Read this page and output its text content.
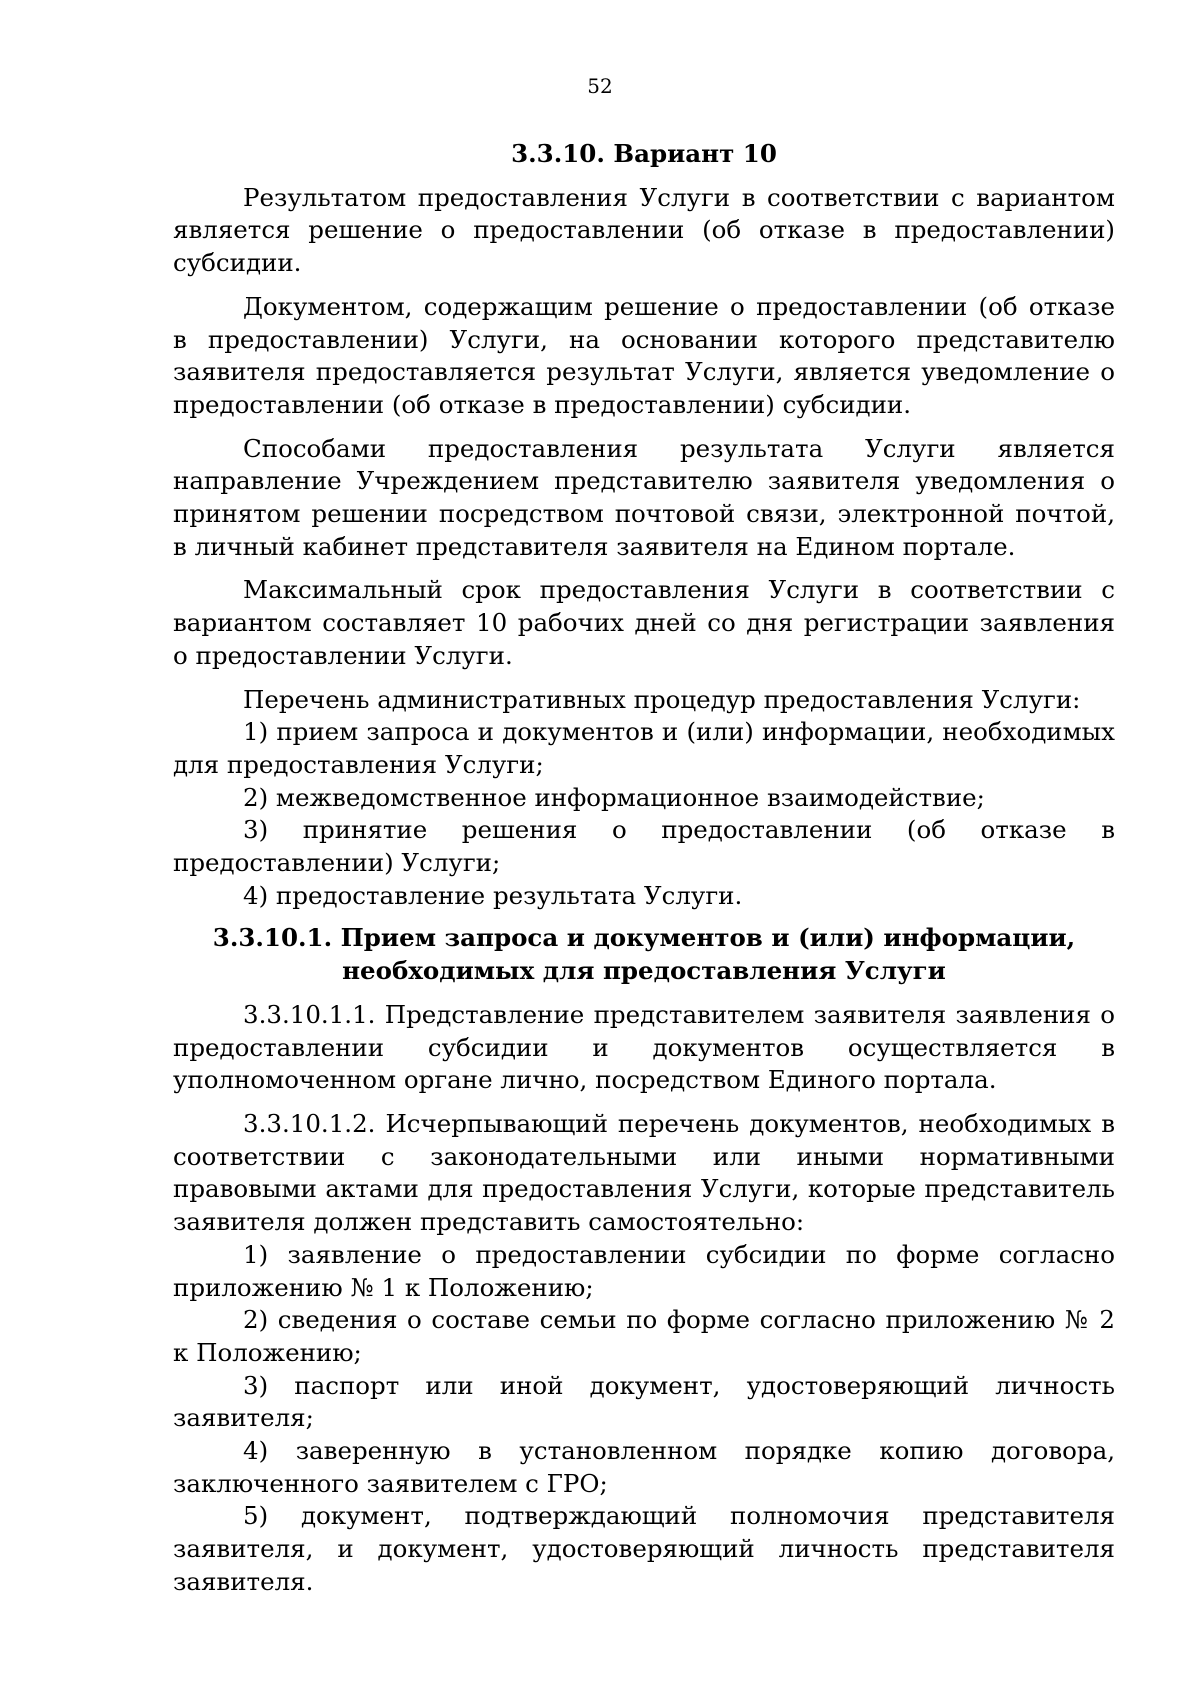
52
3.3.10. Вариант 10

Результатом предоставления Услуги в соответствии с вариантом является решение о предоставлении (об отказе в предоставлении) субсидии.

Документом, содержащим решение о предоставлении (об отказе в предоставлении) Услуги, на основании которого представителю заявителя предоставляется результат Услуги, является уведомление о предоставлении (об отказе в предоставлении) субсидии.

Способами предоставления результата Услуги является направление Учреждением представителю заявителя уведомления о принятом решении посредством почтовой связи, электронной почтой, в личный кабинет представителя заявителя на Едином портале.

Максимальный срок предоставления Услуги в соответствии с вариантом составляет 10 рабочих дней со дня регистрации заявления о предоставлении Услуги.

Перечень административных процедур предоставления Услуги:

1) прием запроса и документов и (или) информации, необходимых для предоставления Услуги;

2) межведомственное информационное взаимодействие;

3) принятие решения о предоставлении (об отказе в предоставлении) Услуги;

4) предоставление результата Услуги.

3.3.10.1. Прием запроса и документов и (или) информации, необходимых для предоставления Услуги

3.3.10.1.1. Представление представителем заявителя заявления о предоставлении субсидии и документов осуществляется в уполномоченном органе лично, посредством Единого портала.

3.3.10.1.2. Исчерпывающий перечень документов, необходимых в соответствии с законодательными или иными нормативными правовыми актами для предоставления Услуги, которые представитель заявителя должен представить самостоятельно:

1) заявление о предоставлении субсидии по форме согласно приложению № 1 к Положению;

2) сведения о составе семьи по форме согласно приложению № 2 к Положению;

3) паспорт или иной документ, удостоверяющий личность заявителя;

4) заверенную в установленном порядке копию договора, заключенного заявителем с ГРО;

5) документ, подтверждающий полномочия представителя заявителя, и документ, удостоверяющий личность представителя заявителя.
